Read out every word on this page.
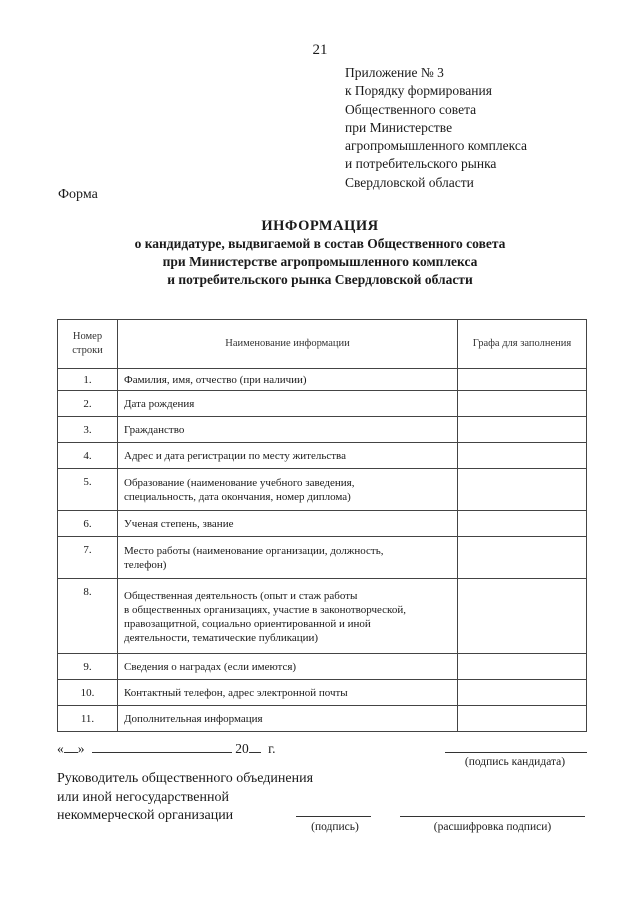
21
Приложение № 3
к Порядку формирования
Общественного совета
при Министерстве
агропромышленного комплекса
и потребительского рынка
Свердловской области
Форма
ИНФОРМАЦИЯ
о кандидатуре, выдвигаемой в состав Общественного совета
при Министерстве агропромышленного комплекса
и потребительского рынка Свердловской области
Номер
строки	Наименование информации	Графа для заполнения
1.	Фамилия, имя, отчество (при наличии)	

2.	Дата рождения	

3.	Гражданство	

4.	Адрес и дата регистрации по месту жительства	

5.	Образование (наименование учебного заведения,
специальность, дата окончания, номер диплома)	

6.	Ученая степень, звание	

7.	Место работы (наименование организации, должность,
телефон)	

8.	Общественная деятельность (опыт и стаж работы
в общественных организациях, участие в законотворческой,
правозащитной, социально ориентированной и иной
деятельности, тематические публикации)	

9.	Сведения о наградах (если имеются)	

10.	Контактный телефон, адрес электронной почты	

11.	Дополнительная информация	

« »	20 г.
(подпись кандидата)
Руководитель общественного объединения
или иной негосударственной
некоммерческой организации
(подпись)	(расшифровка подписи)
